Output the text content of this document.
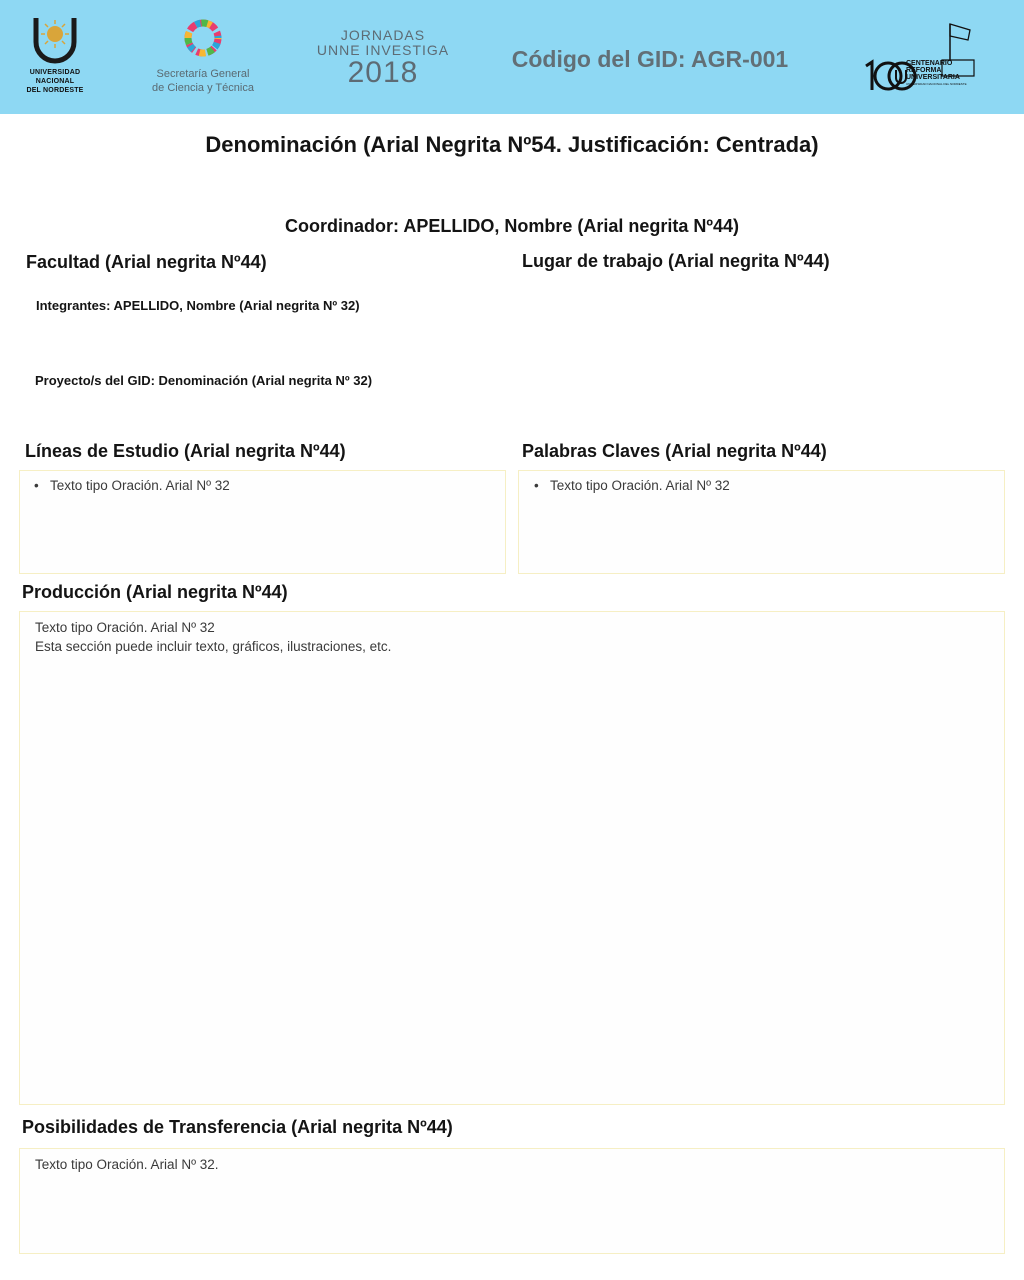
UNIVERSIDAD
NACIONAL
DEL NORDESTE
Secretaría General
de Ciencia y Técnica
JORNADAS
UNNE INVESTIGA
2018	Código del GID: AGR-001	CENTENARIO
REFORMA
UNIVERSITARIA
UNIVERSIDAD NACIONAL DEL NORDESTE
Denominación (Arial Negrita Nº54. Justificación: Centrada)
Coordinador: APELLIDO, Nombre (Arial negrita Nº44)
Facultad (Arial negrita Nº44)	Lugar de trabajo (Arial negrita Nº44)
Integrantes: APELLIDO, Nombre (Arial negrita Nº 32)
Proyecto/s del GID: Denominación (Arial negrita Nº 32)
Líneas de Estudio (Arial negrita Nº44)
• Texto tipo Oración. Arial Nº 32
Palabras Claves (Arial negrita Nº44)
• Texto tipo Oración. Arial Nº 32
Producción (Arial negrita Nº44)
Texto tipo Oración. Arial Nº 32
Esta sección puede incluir texto, gráficos, ilustraciones, etc.
Posibilidades de Transferencia (Arial negrita Nº44)
Texto tipo Oración. Arial Nº 32.
